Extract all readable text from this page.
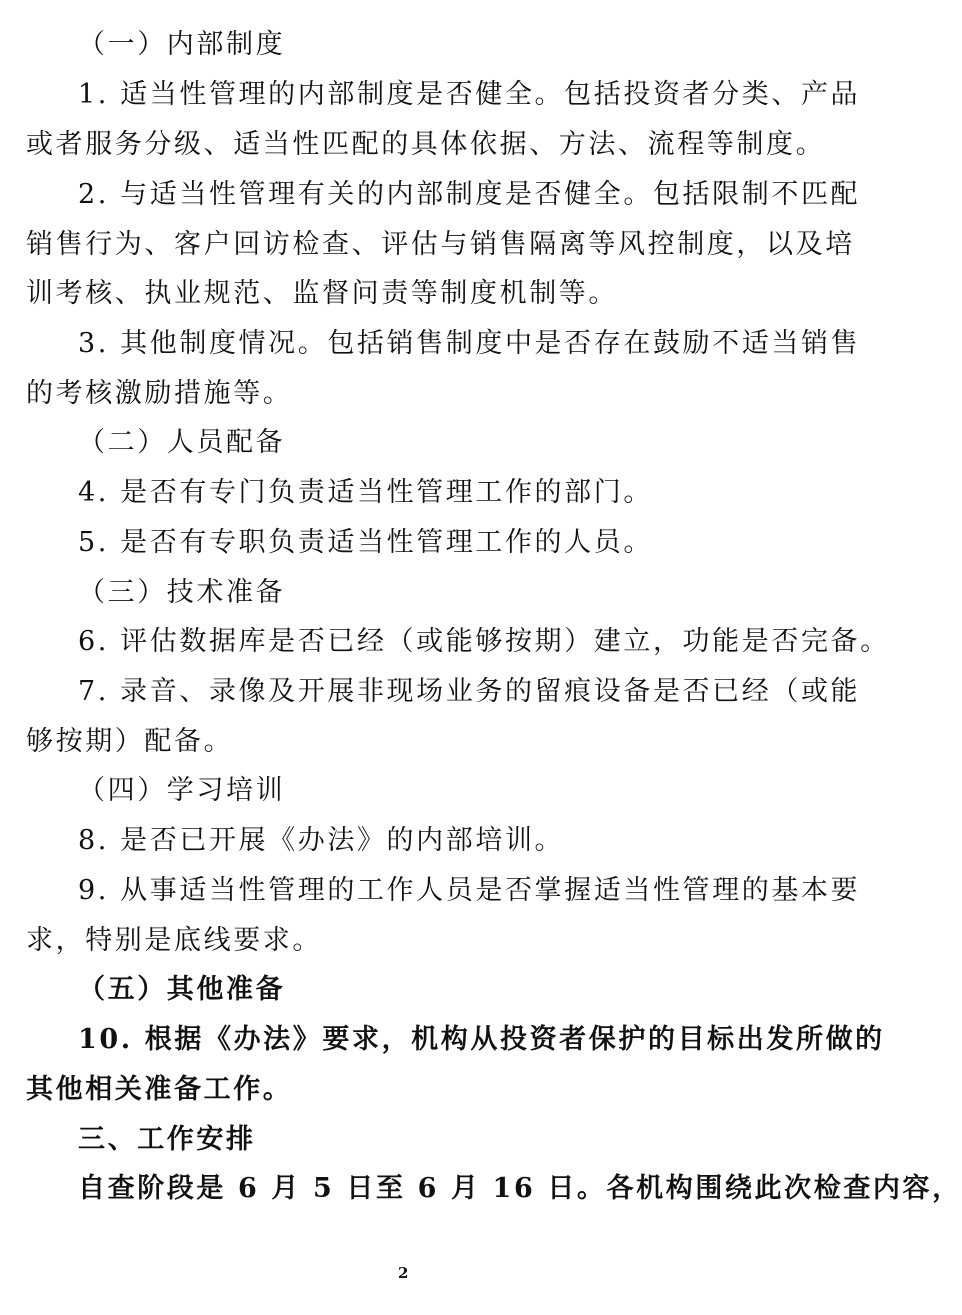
（一）内部制度
1. 适当性管理的内部制度是否健全。包括投资者分类、产品
或者服务分级、适当性匹配的具体依据、方法、流程等制度。
2. 与适当性管理有关的内部制度是否健全。包括限制不匹配
销售行为、客户回访检查、评估与销售隔离等风控制度，以及培
训考核、执业规范、监督问责等制度机制等。
3. 其他制度情况。包括销售制度中是否存在鼓励不适当销售
的考核激励措施等。
（二）人员配备
4. 是否有专门负责适当性管理工作的部门。
5. 是否有专职负责适当性管理工作的人员。
（三）技术准备
6. 评估数据库是否已经（或能够按期）建立，功能是否完备。
7. 录音、录像及开展非现场业务的留痕设备是否已经（或能
够按期）配备。
（四）学习培训
8. 是否已开展《办法》的内部培训。
9. 从事适当性管理的工作人员是否掌握适当性管理的基本要
求，特别是底线要求。
（五）其他准备
10. 根据《办法》要求，机构从投资者保护的目标出发所做的
其他相关准备工作。
三、工作安排
自查阶段是 6 月 5 日至 6 月 16 日。各机构围绕此次检查内容，
2
